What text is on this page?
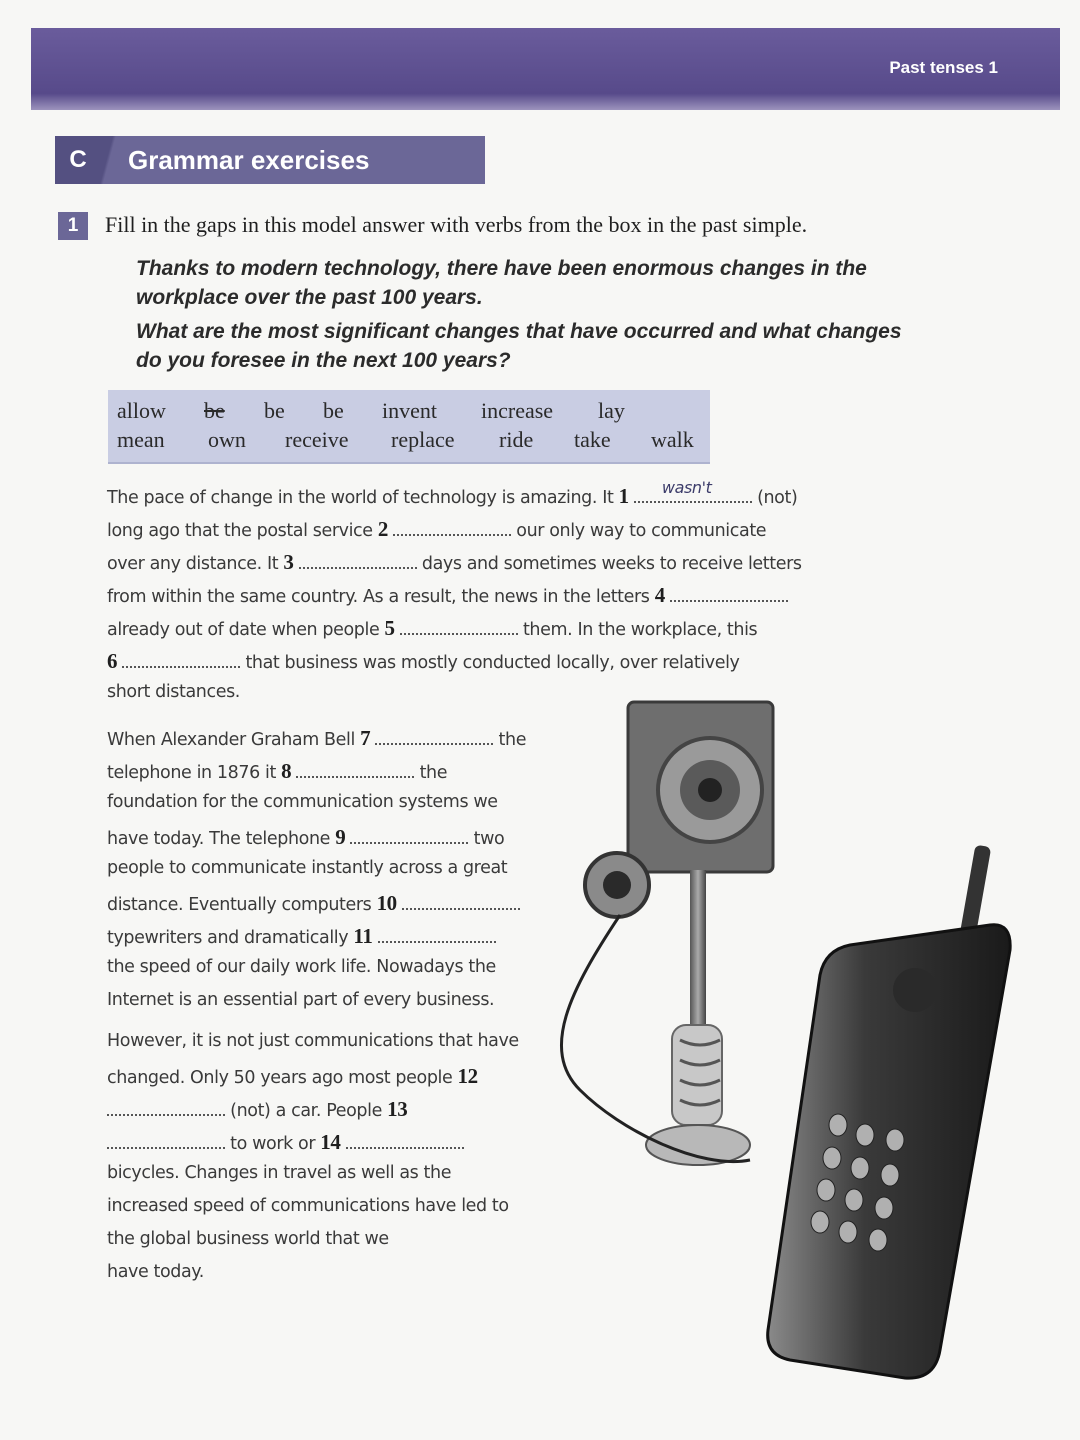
Past tenses 1
C	Grammar exercises
1	Fill in the gaps in this model answer with verbs from the box in the past simple.
Thanks to modern technology, there have been enormous changes in the
workplace over the past 100 years.
What are the most significant changes that have occurred and what changes
do you foresee in the next 100 years?
allow be be be invent increase lay
mean own receive replace ride take walk
The pace of change in the world of technology is amazing. It 1 wasn't
(not)
long ago that the postal service 2	our only way to communicate
over any distance. It 3	days and sometimes weeks to receive letters
from within the same country. As a result, the news in the letters 4
already out of date when people 5	them. In the workplace, this
6	that business was mostly conducted locally, over relatively
short distances.
When Alexander Graham Bell 7	the
telephone in 1876 it 8	the
foundation for the communication systems we
have today. The telephone 9	two
people to communicate instantly across a great
distance. Eventually computers 10
typewriters and dramatically 11
the speed of our daily work life. Nowadays the
Internet is an essential part of every business.
However, it is not just communications that have
changed. Only 50 years ago most people 12
(not) a car. People 13
to work or 14
bicycles. Changes in travel as well as the
increased speed of communications have led to
the global business world that we
have today.
